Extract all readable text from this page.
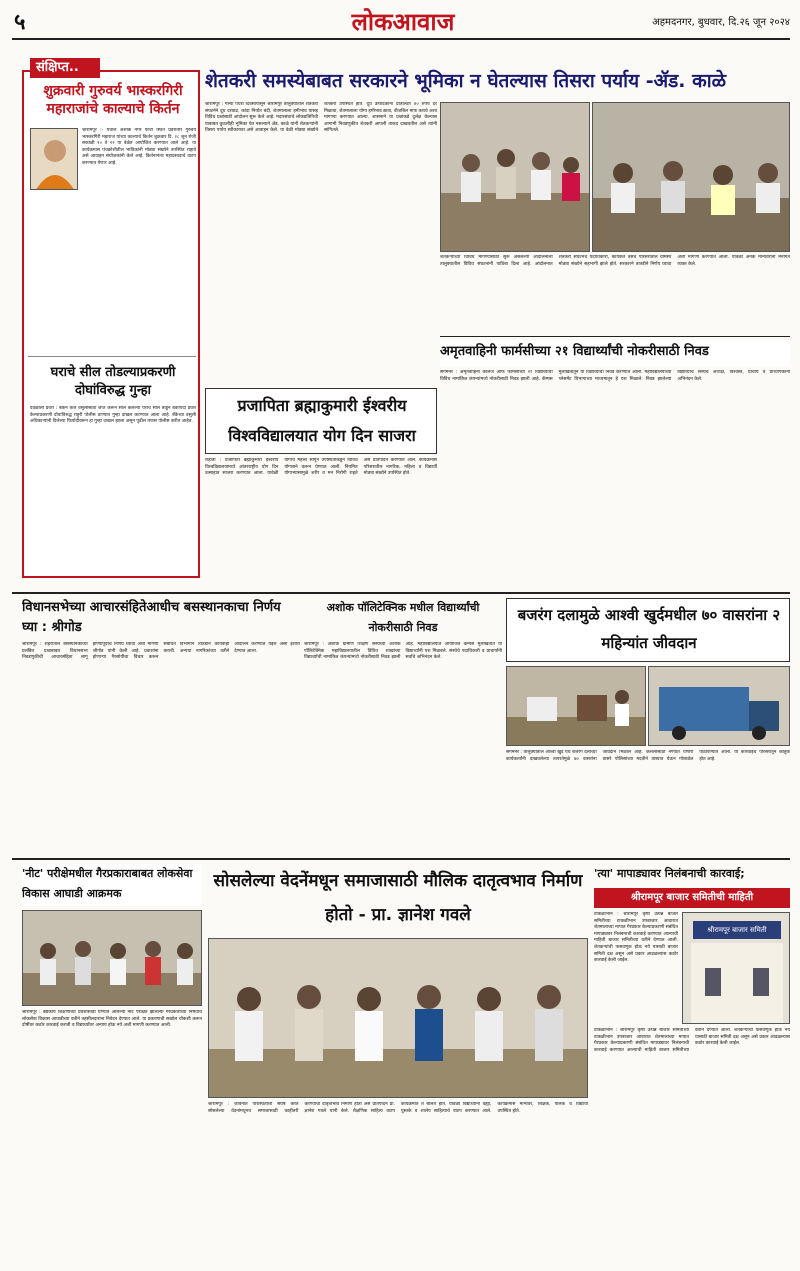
५	लोकआवाज	अहमदनगर, बुधवार, दि.२६ जून २०२४
संक्षिप्त..
शुक्रवारी गुरुवर्य भास्करगिरी महाराजांचे काल्याचे किर्तन
श्रीरामपूर :- येथील अशोक नगर फाटा स्थित प्रवरातीर गुरुवर्य भास्करगिरी महाराज यांच्या काल्याचे किर्तन शुक्रवार दि. २८ जून रोजी सकाळी १० ते १२ या वेळेत आयोजित करण्यात आले आहे. या कार्यक्रमास पंचक्रोशीतील भाविकांनी मोठ्या संख्येने उपस्थित राहावे असे आवाहन संयोजकांनी केले आहे. किर्तनानंतर महाप्रसादाचे वाटप करण्यात येणार आहे.
घराचे सील तोडल्याप्रकरणी दोघांविरुद्ध गुन्हा
देवळाली प्रवरा : बँकेने कर्ज वसुलीसाठी जप्त करून सील केलेल्या घराचे सील तोडून बेकायदा प्रवेश केल्याप्रकरणी दोघांविरुद्ध राहुरी पोलीस ठाण्यात गुन्हा दाखल करण्यात आला आहे. बँकेच्या वसुली अधिकाऱ्यांनी दिलेल्या फिर्यादीवरून हा गुन्हा दाखल झाला असून पुढील तपास पोलीस करीत आहेत.
शेतकरी समस्येबाबत सरकारने भूमिका न घेतल्यास तिसरा पर्याय -ॲड. काळे
श्रीरामपूर : गेल्या पंधरा दिवसापासून श्रीरामपूर तालुक्यातील शेतकरी संघटनेने दूध दरवाढ, कांदा निर्यात बंदी, शेतमालाला हमीभाव यासह विविध प्रश्नांसाठी आंदोलन सुरू केले आहे. मदारसंघाचे लोकप्रतिनिधी याबाबत कुठलीही भूमिका घेत नसल्याने ॲड. काळे यांनी शेतकऱ्यांनी तिसरा पर्याय स्वीकारावा असे आवाहन केले. या वेळी मोठ्या संख्येने शेतकरी उपस्थित होते. दूध उत्पादकांना प्रतिलिटर ४० रुपये दर मिळावा, शेतमालाला योग्य हमीभाव द्यावा, वीजबिल माफ करावे अशा मागण्या करण्यात आल्या. शासनाने या प्रश्नांकडे दुर्लक्ष केल्यास आगामी निवडणुकीत शेतकरी आपली ताकद दाखवतील असे त्यांनी सांगितले.
शेतकऱ्यांच्या विविध मागण्यांसाठी सुरू असलेल्या आंदोलनाला तालुक्यातील विविध संघटनांनी पाठिंबा दिला आहे. आंदोलनात शेतकरी संघटनेचे पदाधिकारी, कार्यकर्ते तसेच परिसरातील ग्रामस्थ मोठ्या संख्येने सहभागी झाले होते. सरकारने तातडीने निर्णय घ्यावा अशी मागणी करण्यात आली. यावेळी अनेक मान्यवरांनी मनोगत व्यक्त केले.
अमृतवाहिनी फार्मसीच्या २१ विद्यार्थ्यांची नोकरीसाठी निवड
संगमनेर : अमृतवाहिनी कॉलेज ऑफ फार्मसीच्या २१ विद्यार्थ्यांची विविध नामांकित कंपन्यांमध्ये नोकरीसाठी निवड झाली आहे. कॅम्पस मुलाखतीतून या विद्यार्थ्यांची निवड करण्यात आली. महाविद्यालयाच्या प्लेसमेंट विभागाच्या माध्यमातून हे यश मिळाले. निवड झालेल्या विद्यार्थ्यांचे संस्थेचे अध्यक्ष, विश्वस्त, प्राचार्य व प्राध्यापकांनी अभिनंदन केले.
प्रजापिता ब्रह्माकुमारी ईश्वरीय विश्वविद्यालयात योग दिन साजरा
राहाता : प्रजापिता ब्रह्माकुमारी ईश्वरीय विश्वविद्यालयामध्ये आंतरराष्ट्रीय योग दिन उत्साहात साजरा करण्यात आला. यावेळी योगाचे महत्त्व सांगून उपस्थितांकडून विविध योगासने करून घेण्यात आली. नियमित योगाभ्यासामुळे शरीर व मन निरोगी राहते असे प्रतिपादन करण्यात आले. कार्यक्रमास परिसरातील नागरिक, महिला व विद्यार्थी मोठ्या संख्येने उपस्थित होते.
विधानसभेच्या आचारसंहितेआधीच बसस्थानकाचा निर्णय घ्या : श्रीगोड
श्रीरामपूर : शहरातील बसस्थानकाच्या प्रलंबित प्रश्नाबाबत विधानसभा निवडणुकीची आचारसंहिता लागू होण्यापूर्वीच निर्णय घ्यावा अशी मागणी श्रीगोड यांनी केली आहे. प्रवाशांना होणाऱ्या गैरसोयीचा विचार करून संबंधित विभागाने तातडीने कार्यवाही करावी. अन्यथा नागरिकांच्या वतीने आंदोलन करण्यात येईल असा इशारा देण्यात आला.
अशोक पॉलिटेक्निक मधील विद्यार्थ्यांची नोकरीसाठी निवड
श्रीरामपूर : अशोक ग्रामीण शिक्षण संस्थेच्या अशोक पॉलिटेक्निक महाविद्यालयातील विविध शाखांच्या विद्यार्थ्यांची नामांकित कंपन्यांमध्ये नोकरीसाठी निवड झाली आहे. महाविद्यालयात आयोजित कॅम्पस मुलाखतीत या विद्यार्थ्यांनी यश मिळवले. संस्थेचे पदाधिकारी व प्राचार्यांनी सर्वांचे अभिनंदन केले.
बजरंग दलामुळे आश्वी खुर्दमधील ७० वासरांना २ महिन्यांत जीवदान
संगमनेर : तालुक्यातील आश्वी खुर्द येथे बजरंग दलाच्या कार्यकर्त्यांनी दाखवलेल्या तत्परतेमुळे ७० वासरांना जीवदान मिळाले आहे. कत्तलीसाठी नेण्यात येणारी वासरे पोलिसांच्या मदतीने ताब्यात घेऊन गोशाळेत पाठविण्यात आली. या कारवाईचे परिसरातून कौतुक होत आहे.
'नीट' परीक्षेमधील गैरप्रकाराबाबत लोकसेवा विकास आघाडी आक्रमक
श्रीरामपूर : वैद्यकीय शिक्षणाच्या प्रवेशासाठी घेण्यात आलेल्या नीट परीक्षेत झालेल्या गैरप्रकाराच्या निषेधार्थ लोकसेवा विकास आघाडीच्या वतीने तहसीलदारांना निवेदन देण्यात आले. या प्रकरणाची सखोल चौकशी करून दोषींवर कठोर कारवाई करावी व विद्यार्थ्यांवर अन्याय होऊ नये अशी मागणी करण्यात आली.
सोसलेल्या वेदनेंमधून समाजासाठी मौलिक दातृत्वभाव निर्माण होतो - प्रा. ज्ञानेश गवले
श्रीरामपूर : जीवनात परिस्थितीशी संघर्ष करत सोसलेल्या वेदनांमधूनच समाजासाठी काहीतरी करण्याचा दातृत्वभाव निर्माण होतो असे प्रतिपादन प्रा. ज्ञानेश गवले यांनी केले. शैक्षणिक साहित्य वाटप कार्यक्रमात ते बोलत होते. यावेळी विद्यार्थ्यांना वह्या, पुस्तके व शालेय साहित्याचे वाटप करण्यात आले. कार्यक्रमास मान्यवर, शिक्षक, पालक व विद्यार्थी उपस्थित होते.
'त्या' मापाड्यावर निलंबनाची कारवाई;
श्रीरामपूर बाजार समितीची माहिती
टाकळीभान : श्रीरामपूर कृषी उत्पन्न बाजार समितीच्या टाकळीभान उपबाजार आवारात शेतमालाच्या मापात गैरप्रकार केल्याप्रकरणी संबंधित मापाड्यावर निलंबनाची कारवाई करण्यात आल्याची माहिती बाजार समितीच्या वतीने देण्यात आली. शेतकऱ्यांची फसवणूक होऊ नये यासाठी बाजार समिती दक्ष असून असे प्रकार आढळल्यास कठोर कारवाई केली जाईल.
श्रीरामपूर बाजार समिती
टाकळीभान : श्रीरामपूर कृषी उत्पन्न बाजार समितीच्या टाकळीभान उपबाजार आवारात शेतमालाच्या मापात गैरप्रकार केल्याप्रकरणी संबंधित मापाड्यावर निलंबनाची कारवाई करण्यात आल्याची माहिती बाजार समितीच्या वतीने देण्यात आली. शेतकऱ्यांची फसवणूक होऊ नये यासाठी बाजार समिती दक्ष असून असे प्रकार आढळल्यास कठोर कारवाई केली जाईल.
